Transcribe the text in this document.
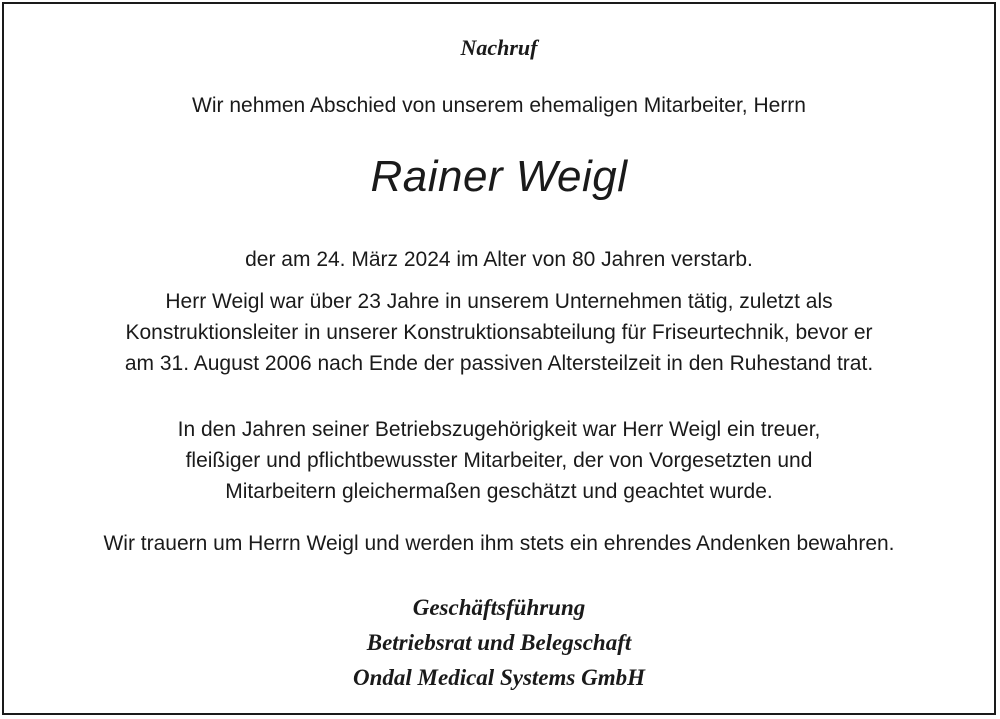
Nachruf
Wir nehmen Abschied von unserem ehemaligen Mitarbeiter, Herrn
Rainer Weigl
der am 24. März 2024 im Alter von 80 Jahren verstarb.
Herr Weigl war über 23 Jahre in unserem Unternehmen tätig, zuletzt als
Konstruktionsleiter in unserer Konstruktionsabteilung für Friseurtechnik, bevor er
am 31. August 2006 nach Ende der passiven Altersteilzeit in den Ruhestand trat.
In den Jahren seiner Betriebszugehörigkeit war Herr Weigl ein treuer,
fleißiger und pflichtbewusster Mitarbeiter, der von Vorgesetzten und
Mitarbeitern gleichermaßen geschätzt und geachtet wurde.
Wir trauern um Herrn Weigl und werden ihm stets ein ehrendes Andenken bewahren.
Geschäftsführung
Betriebsrat und Belegschaft
Ondal Medical Systems GmbH
